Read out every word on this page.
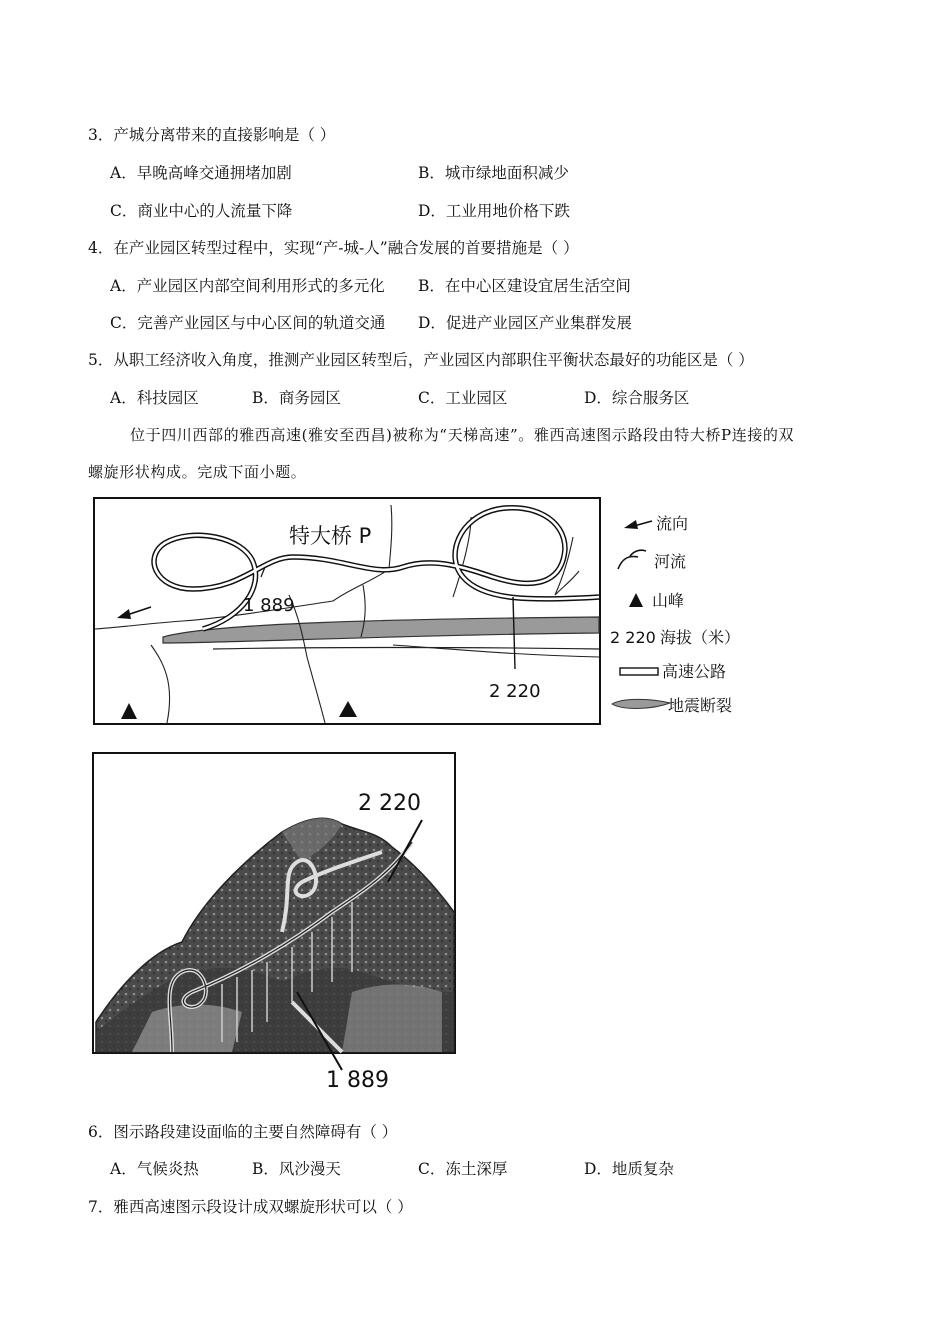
3．产城分离带来的直接影响是（ ）
A．早晚高峰交通拥堵加剧	B．城市绿地面积减少
C．商业中心的人流量下降	D．工业用地价格下跌
4．在产业园区转型过程中，实现“产-城-人”融合发展的首要措施是（ ）
A．产业园区内部空间利用形式的多元化 B．在中心区建设宜居生活空间
C．完善产业园区与中心区间的轨道交通 D．促进产业园区产业集群发展
5．从职工经济收入角度，推测产业园区转型后，产业园区内部职住平衡状态最好的功能区是（ ）
A．科技园区	B．商务园区	C．工业园区	D．综合服务区
位于四川西部的雅西高速(雅安至西昌)被称为“天梯高速”。雅西高速图示路段由特大桥P连接的双
螺旋形状构成。完成下面小题。
特大桥 P
1 889
2 220
流向
河流
山峰
2 220 海拔（米）
高速公路
地震断裂
2 220
1 889
6．图示路段建设面临的主要自然障碍有（ ）
A．气候炎热	B．风沙漫天	C．冻土深厚	D．地质复杂
7．雅西高速图示段设计成双螺旋形状可以（ ）
